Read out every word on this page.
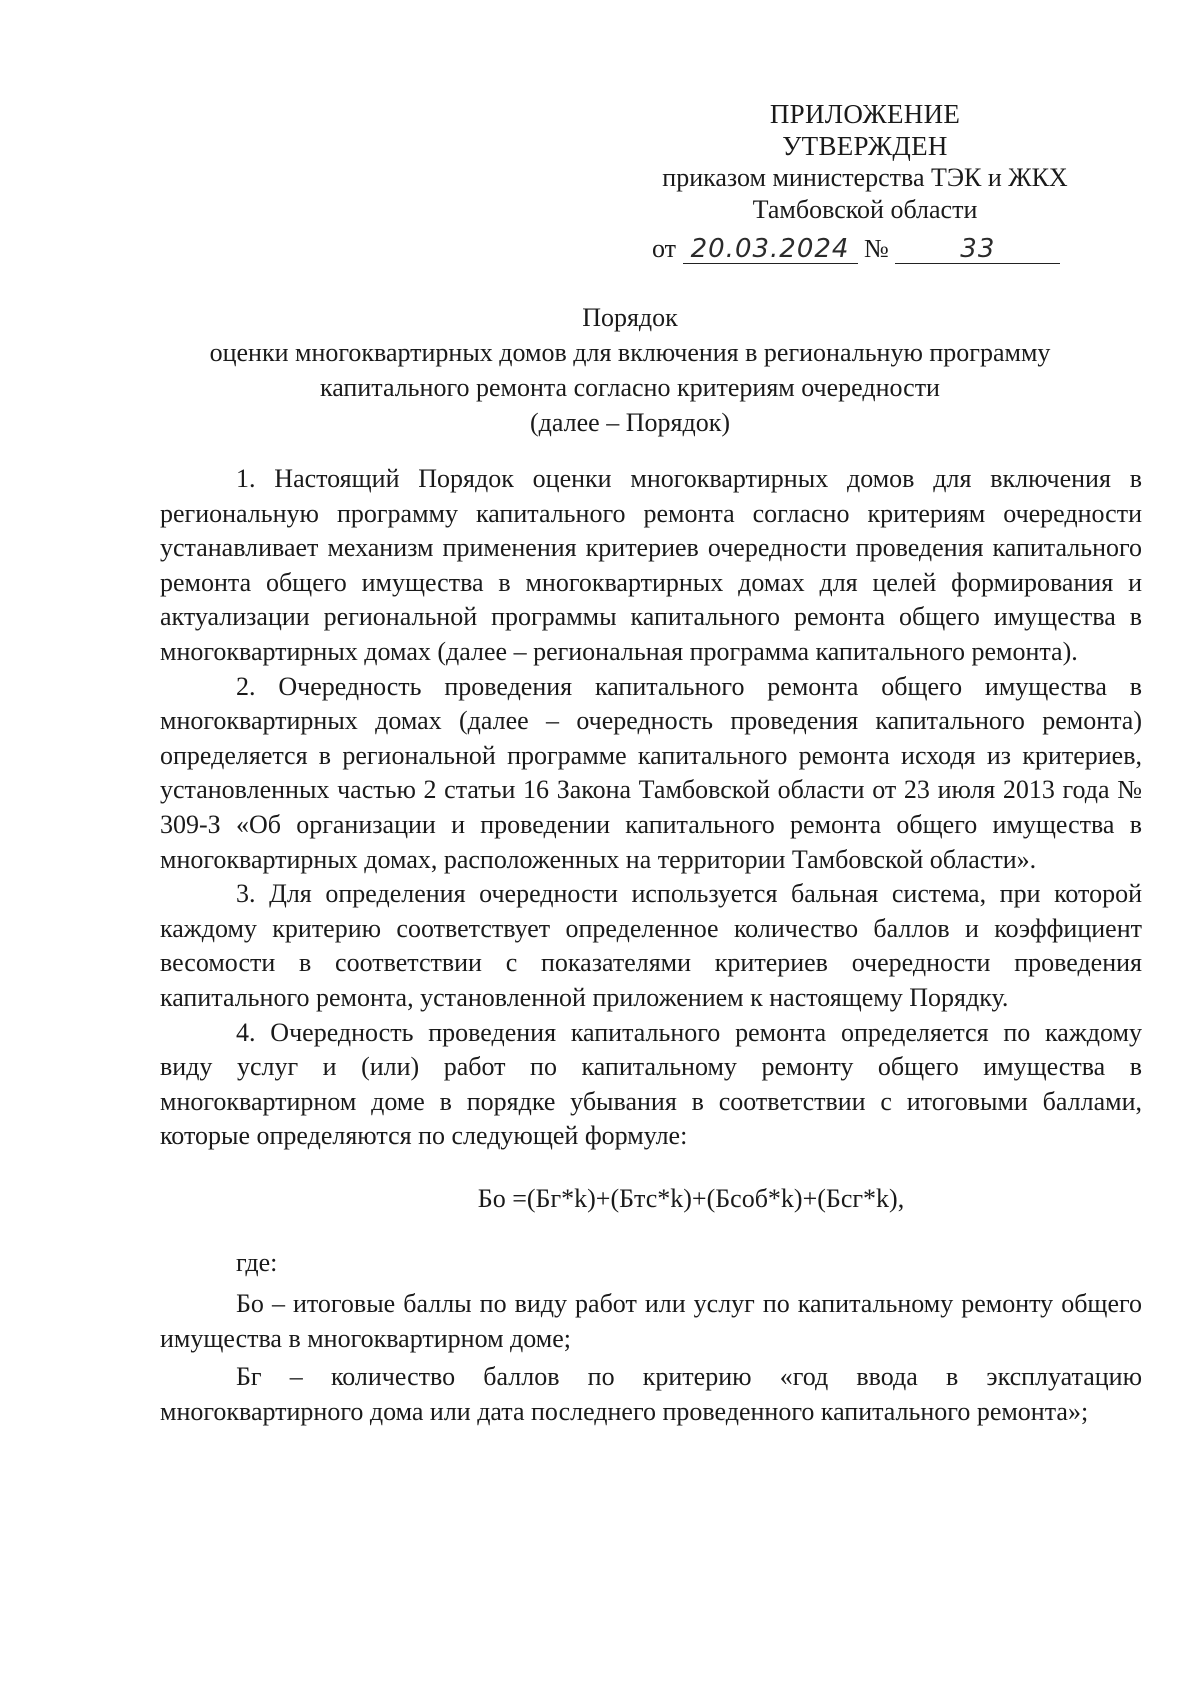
ПРИЛОЖЕНИЕ
УТВЕРЖДЕН
приказом министерства ТЭК и ЖКХ
Тамбовской области
от 20.03.2024 №	33
Порядок
оценки многоквартирных домов для включения в региональную программу
капитального ремонта согласно критериям очередности
(далее – Порядок)

1. Настоящий Порядок оценки многоквартирных домов для включения в региональную программу капитального ремонта согласно критериям очередности устанавливает механизм применения критериев очередности проведения капитального ремонта общего имущества в многоквартирных домах для целей формирования и актуализации региональной программы капитального ремонта общего имущества в многоквартирных домах (далее – региональная программа капитального ремонта).

2. Очередность проведения капитального ремонта общего имущества в многоквартирных домах (далее – очередность проведения капитального ремонта) определяется в региональной программе капитального ремонта исходя из критериев, установленных частью 2 статьи 16 Закона Тамбовской области от 23 июля 2013 года № 309-З «Об организации и проведении капитального ремонта общего имущества в многоквартирных домах, расположенных на территории Тамбовской области».

3. Для определения очередности используется бальная система, при которой каждому критерию соответствует определенное количество баллов и коэффициент весомости в соответствии с показателями критериев очередности проведения капитального ремонта, установленной приложением к настоящему Порядку.

4. Очередность проведения капитального ремонта определяется по каждому виду услуг и (или) работ по капитальному ремонту общего имущества в многоквартирном доме в порядке убывания в соответствии с итоговыми баллами, которые определяются по следующей формуле:

Бо =(Бг*k)+(Бтс*k)+(Бсоб*k)+(Бсг*k),

где:

Бо – итоговые баллы по виду работ или услуг по капитальному ремонту общего имущества в многоквартирном доме;

Бг – количество баллов по критерию «год ввода в эксплуатацию многоквартирного дома или дата последнего проведенного капитального ремонта»;
